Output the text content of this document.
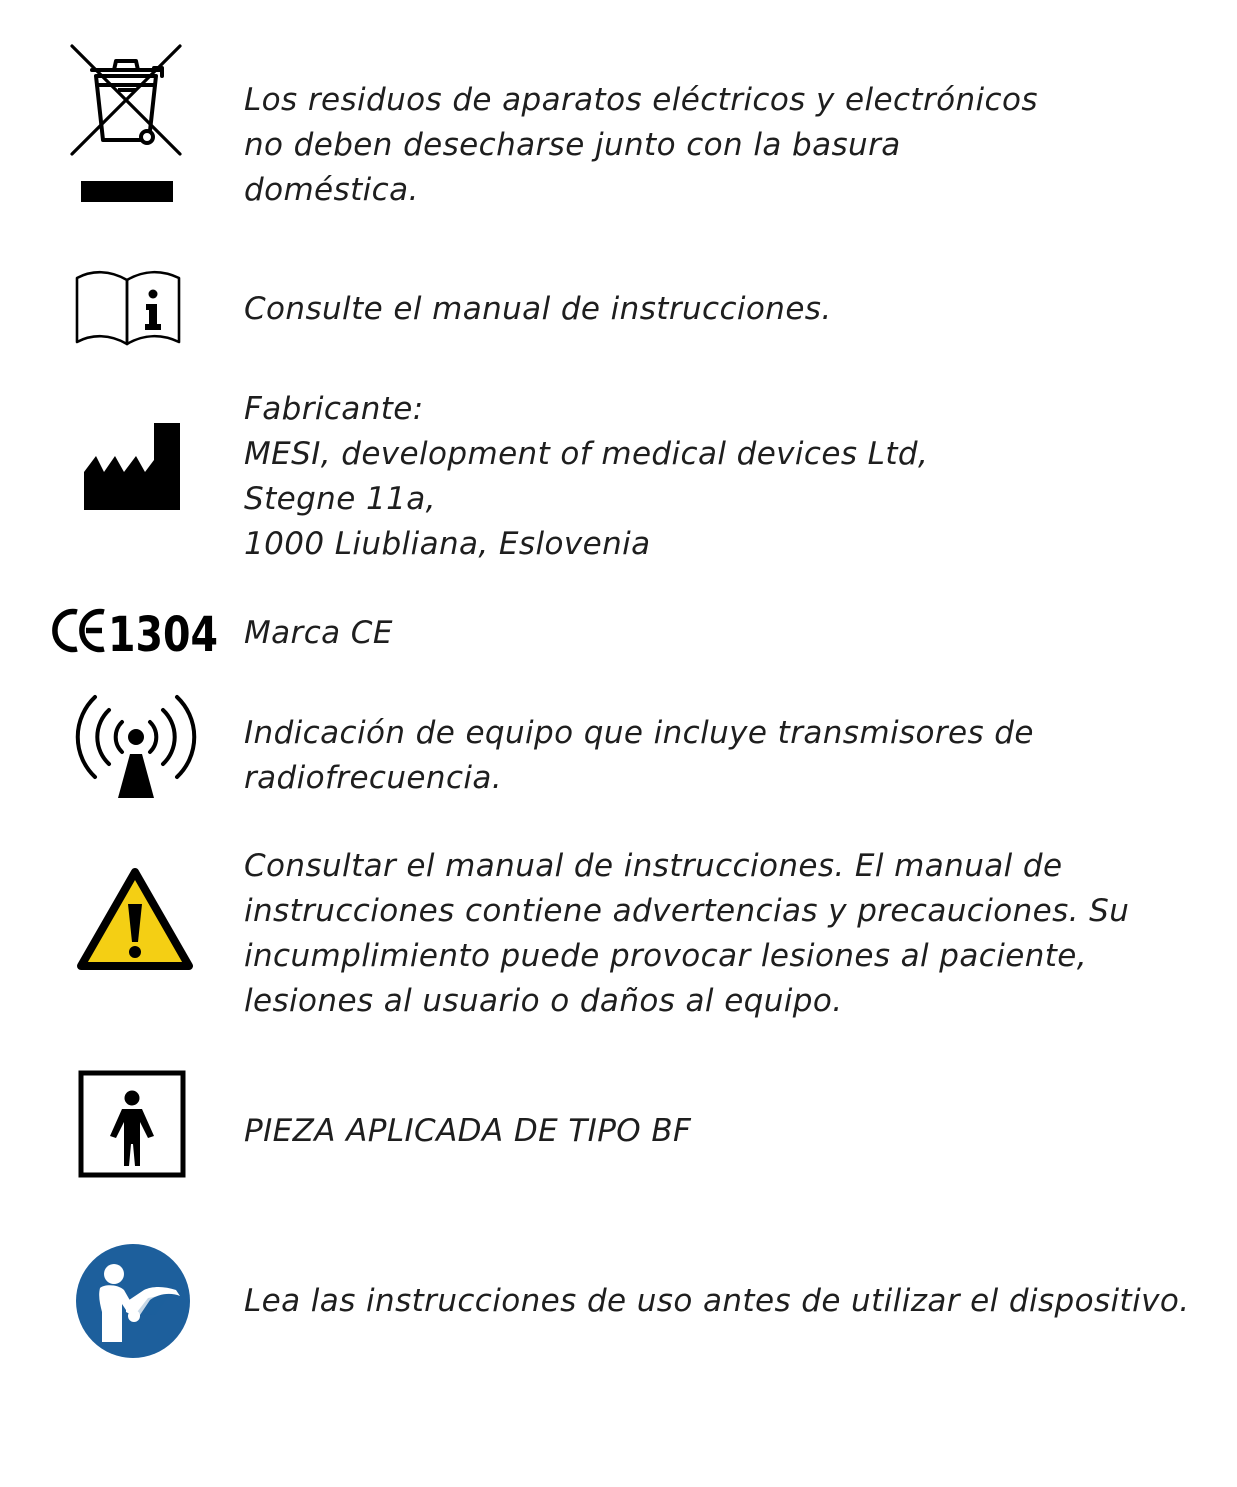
Los residuos de aparatos eléctricos y electrónicos
no deben desecharse junto con la basura
doméstica.

Consulte el manual de instrucciones.

Fabricante:
MESI, development of medical devices Ltd,
Stegne 11a,
1000 Liubliana, Eslovenia

1304 Marca CE

Indicación de equipo que incluye transmisores de
radiofrecuencia.

Consultar el manual de instrucciones. El manual de
instrucciones contiene advertencias y precauciones. Su
incumplimiento puede provocar lesiones al paciente,
lesiones al usuario o daños al equipo.

PIEZA APLICADA DE TIPO BF

Lea las instrucciones de uso antes de utilizar el dispositivo.
